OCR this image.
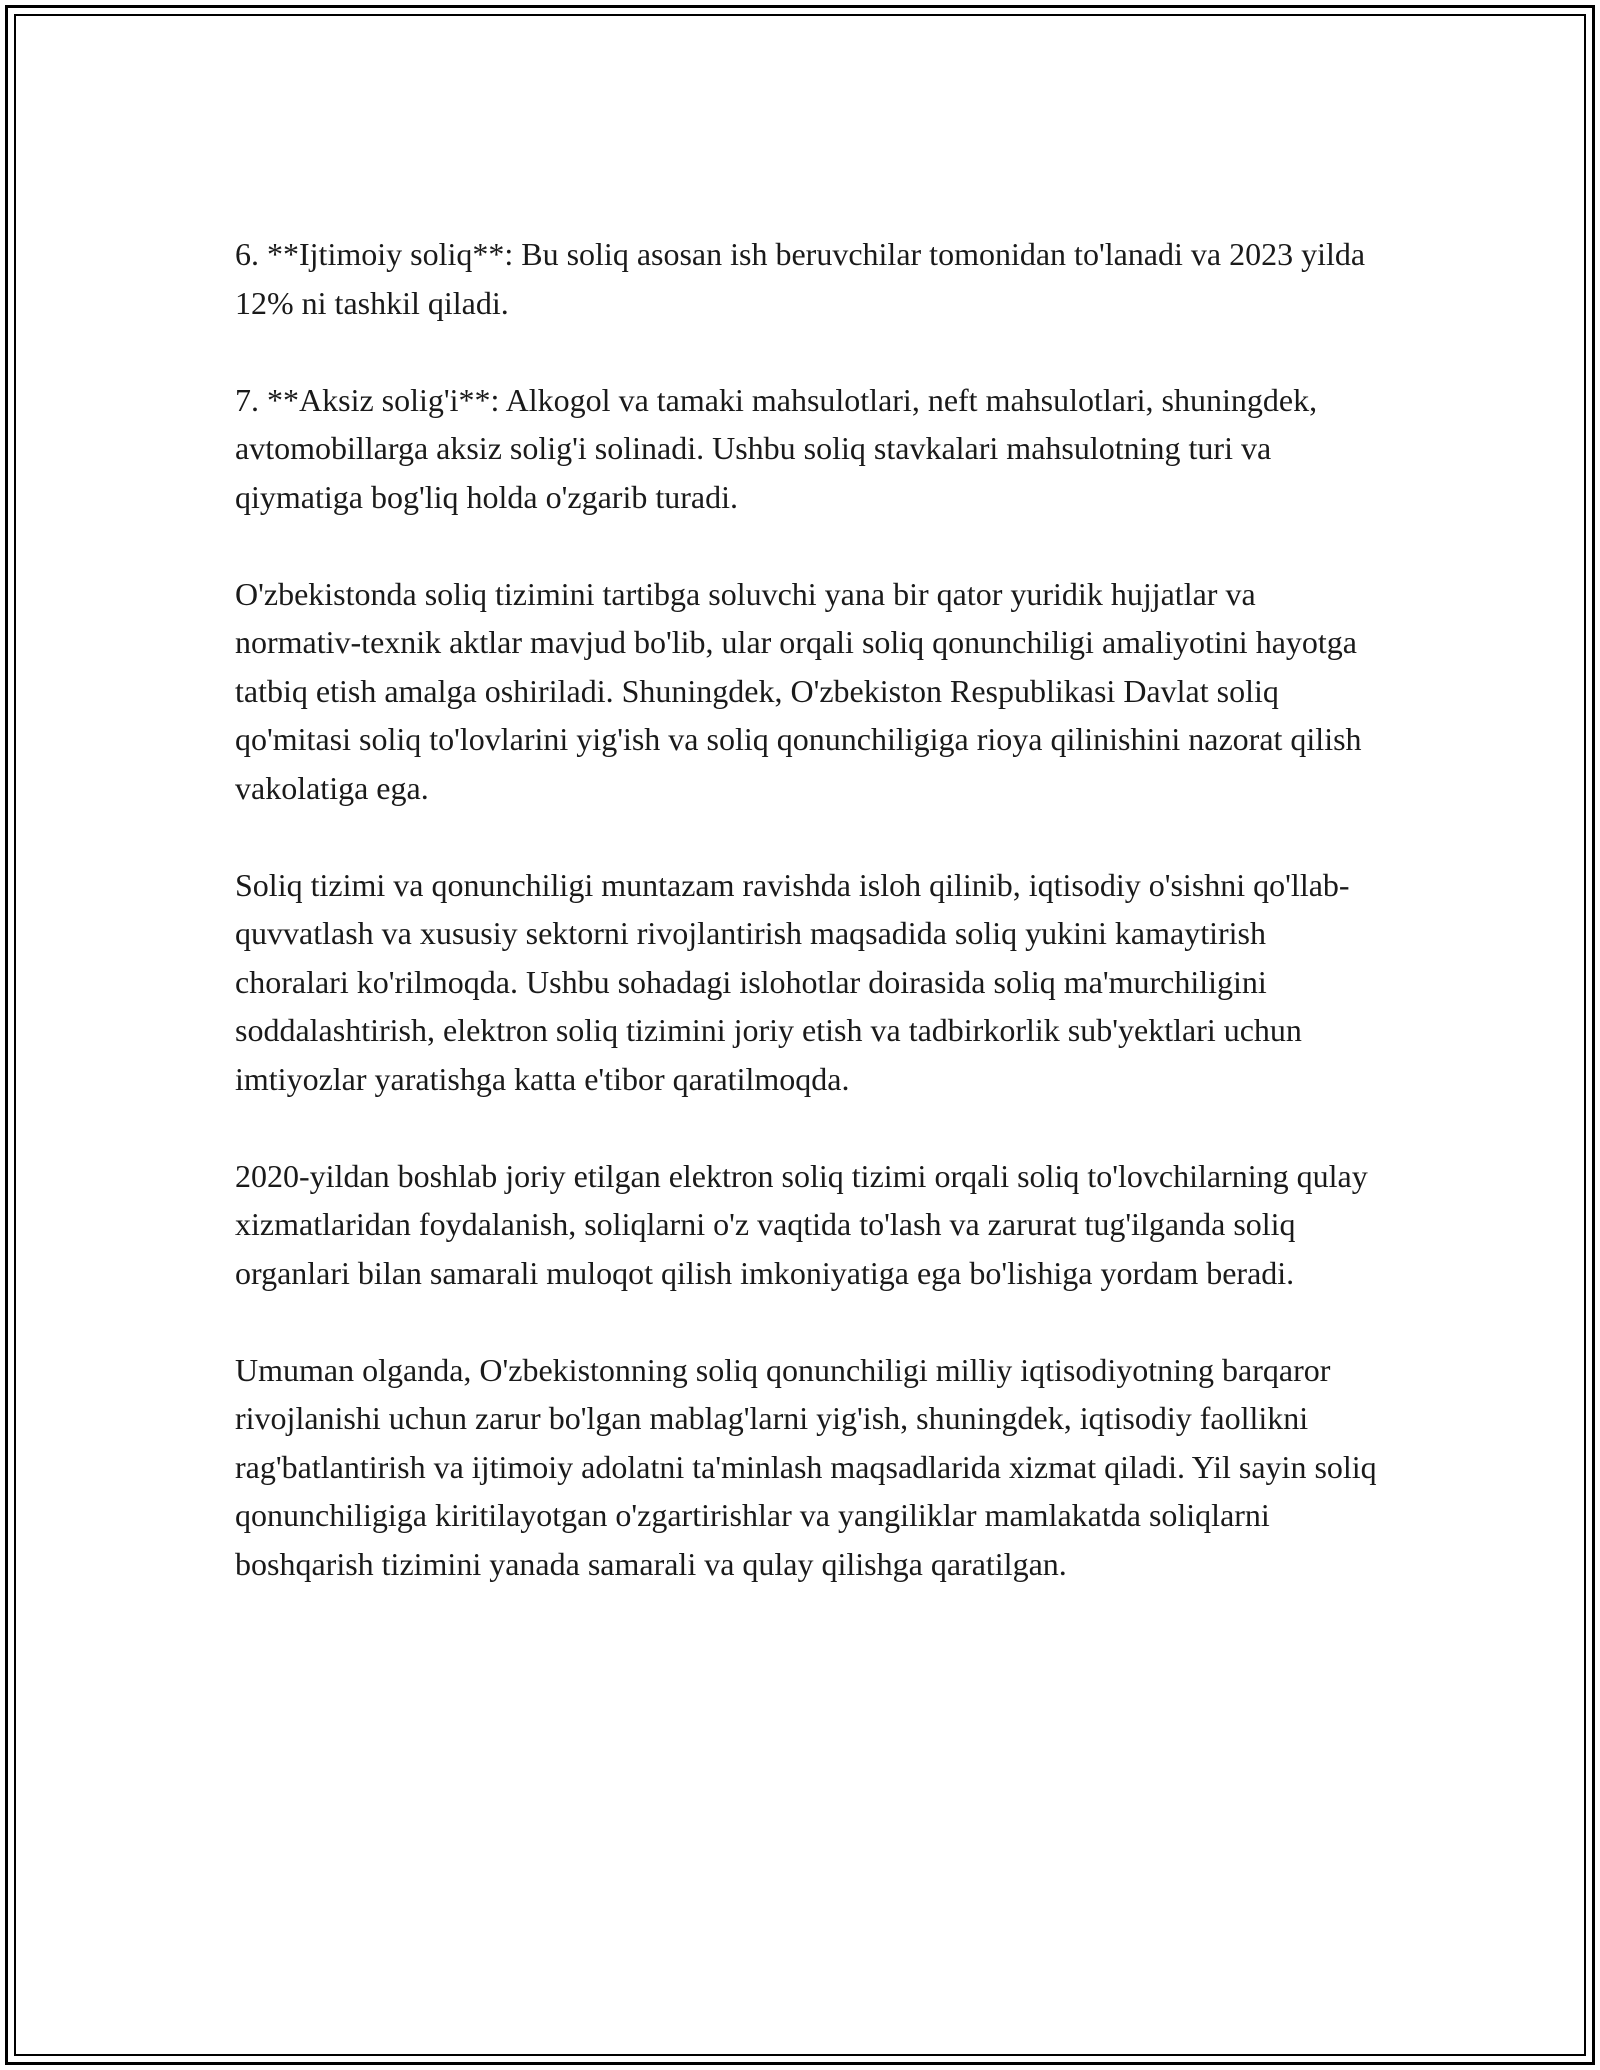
6. **Ijtimoiy soliq**: Bu soliq asosan ish beruvchilar tomonidan to'lanadi va 2023 yilda 12% ni tashkil qiladi.

7. **Aksiz solig'i**: Alkogol va tamaki mahsulotlari, neft mahsulotlari, shuningdek, avtomobillarga aksiz solig'i solinadi. Ushbu soliq stavkalari mahsulotning turi va qiymatiga bog'liq holda o'zgarib turadi.

O'zbekistonda soliq tizimini tartibga soluvchi yana bir qator yuridik hujjatlar va normativ-texnik aktlar mavjud bo'lib, ular orqali soliq qonunchiligi amaliyotini hayotga tatbiq etish amalga oshiriladi. Shuningdek, O'zbekiston Respublikasi Davlat soliq qo'mitasi soliq to'lovlarini yig'ish va soliq qonunchiligiga rioya qilinishini nazorat qilish vakolatiga ega.

Soliq tizimi va qonunchiligi muntazam ravishda isloh qilinib, iqtisodiy o'sishni qo'llab-quvvatlash va xususiy sektorni rivojlantirish maqsadida soliq yukini kamaytirish choralari ko'rilmoqda. Ushbu sohadagi islohotlar doirasida soliq ma'murchiligini soddalashtirish, elektron soliq tizimini joriy etish va tadbirkorlik sub'yektlari uchun imtiyozlar yaratishga katta e'tibor qaratilmoqda.

2020-yildan boshlab joriy etilgan elektron soliq tizimi orqali soliq to'lovchilarning qulay xizmatlaridan foydalanish, soliqlarni o'z vaqtida to'lash va zarurat tug'ilganda soliq organlari bilan samarali muloqot qilish imkoniyatiga ega bo'lishiga yordam beradi.

Umuman olganda, O'zbekistonning soliq qonunchiligi milliy iqtisodiyotning barqaror rivojlanishi uchun zarur bo'lgan mablag'larni yig'ish, shuningdek, iqtisodiy faollikni rag'batlantirish va ijtimoiy adolatni ta'minlash maqsadlarida xizmat qiladi. Yil sayin soliq qonunchiligiga kiritilayotgan o'zgartirishlar va yangiliklar mamlakatda soliqlarni boshqarish tizimini yanada samarali va qulay qilishga qaratilgan.
